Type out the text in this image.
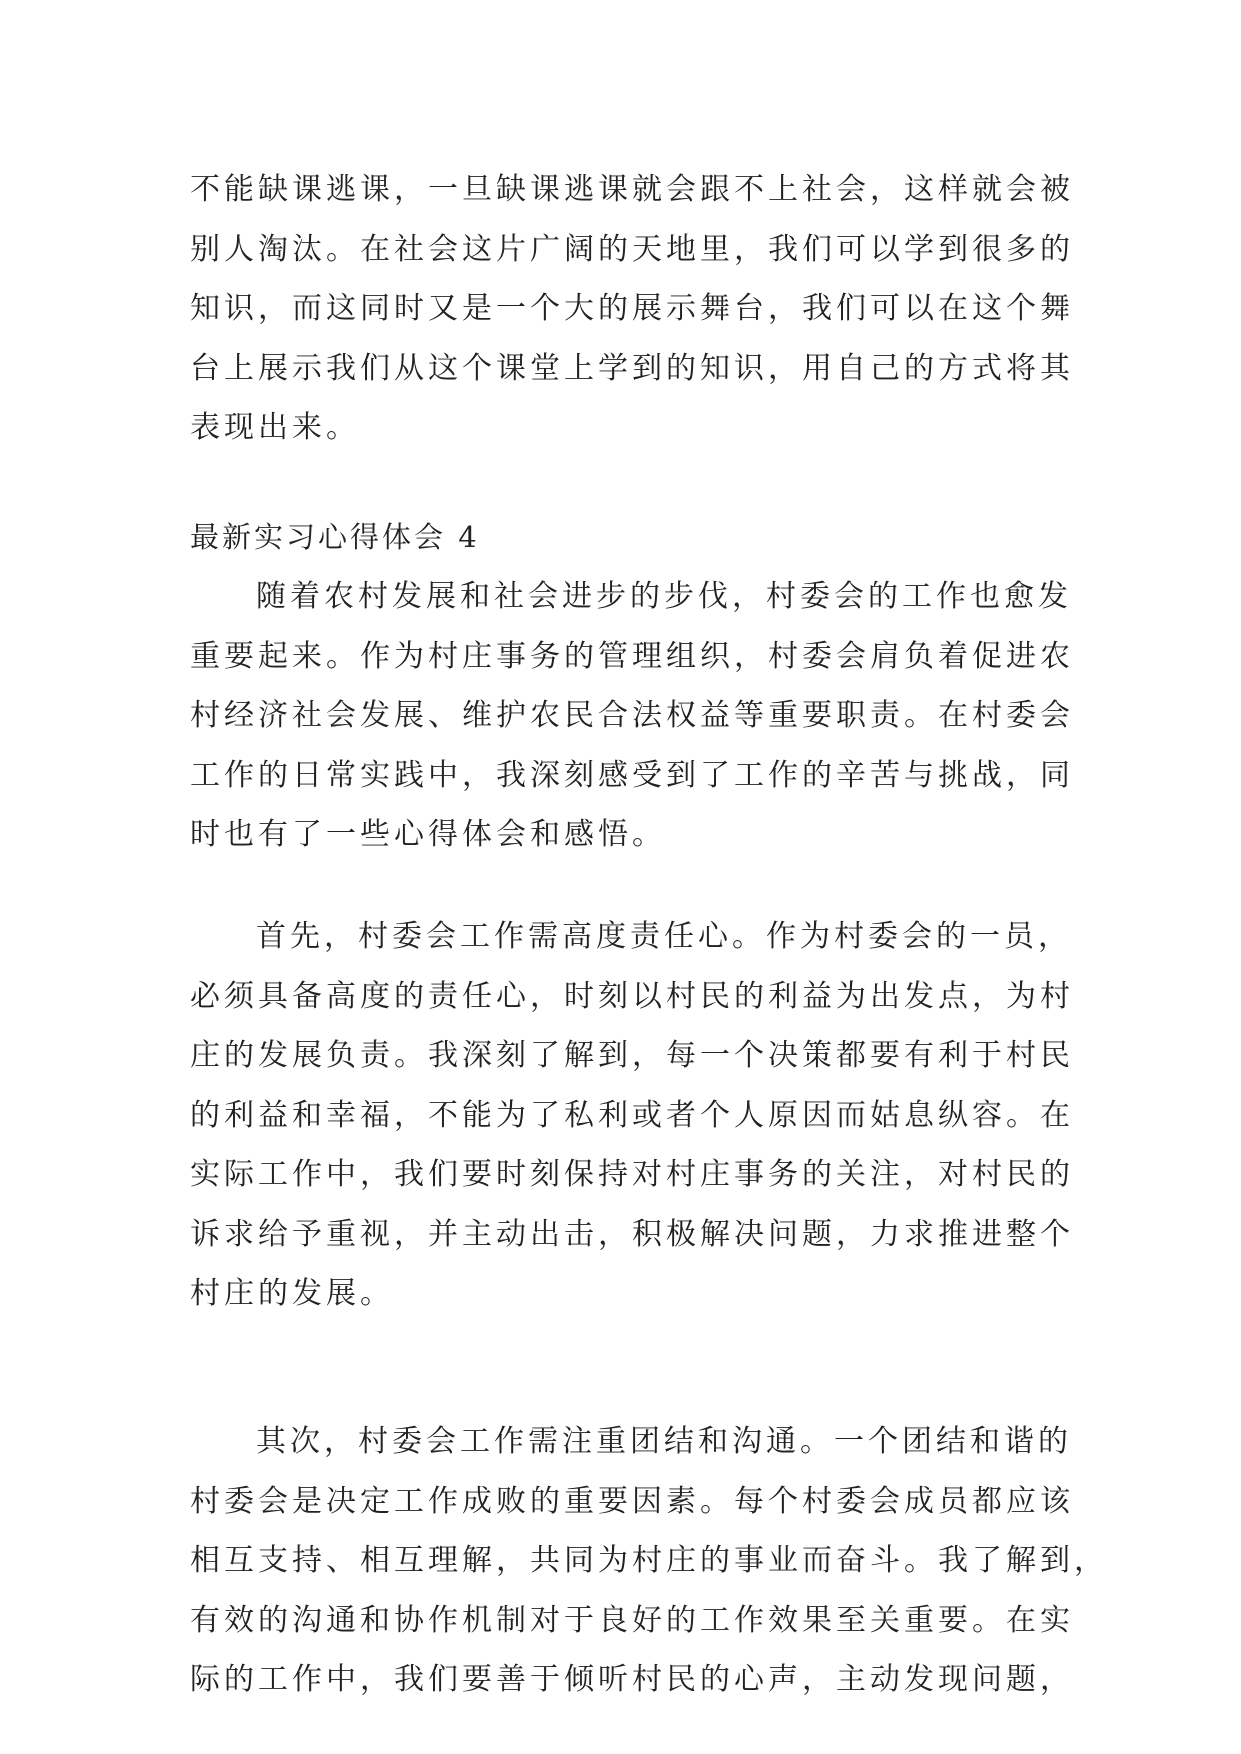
不能缺课逃课，一旦缺课逃课就会跟不上社会，这样就会被
别人淘汰。在社会这片广阔的天地里，我们可以学到很多的
知识，而这同时又是一个大的展示舞台，我们可以在这个舞
台上展示我们从这个课堂上学到的知识，用自己的方式将其
表现出来。
最新实习心得体会 4
随着农村发展和社会进步的步伐，村委会的工作也愈发
重要起来。作为村庄事务的管理组织，村委会肩负着促进农
村经济社会发展、维护农民合法权益等重要职责。在村委会
工作的日常实践中，我深刻感受到了工作的辛苦与挑战，同
时也有了一些心得体会和感悟。
首先，村委会工作需高度责任心。作为村委会的一员，
必须具备高度的责任心，时刻以村民的利益为出发点，为村
庄的发展负责。我深刻了解到，每一个决策都要有利于村民
的利益和幸福，不能为了私利或者个人原因而姑息纵容。在
实际工作中，我们要时刻保持对村庄事务的关注，对村民的
诉求给予重视，并主动出击，积极解决问题，力求推进整个
村庄的发展。
其次，村委会工作需注重团结和沟通。一个团结和谐的
村委会是决定工作成败的重要因素。每个村委会成员都应该
相互支持、相互理解，共同为村庄的事业而奋斗。我了解到，
有效的沟通和协作机制对于良好的工作效果至关重要。在实
际的工作中，我们要善于倾听村民的心声，主动发现问题，
